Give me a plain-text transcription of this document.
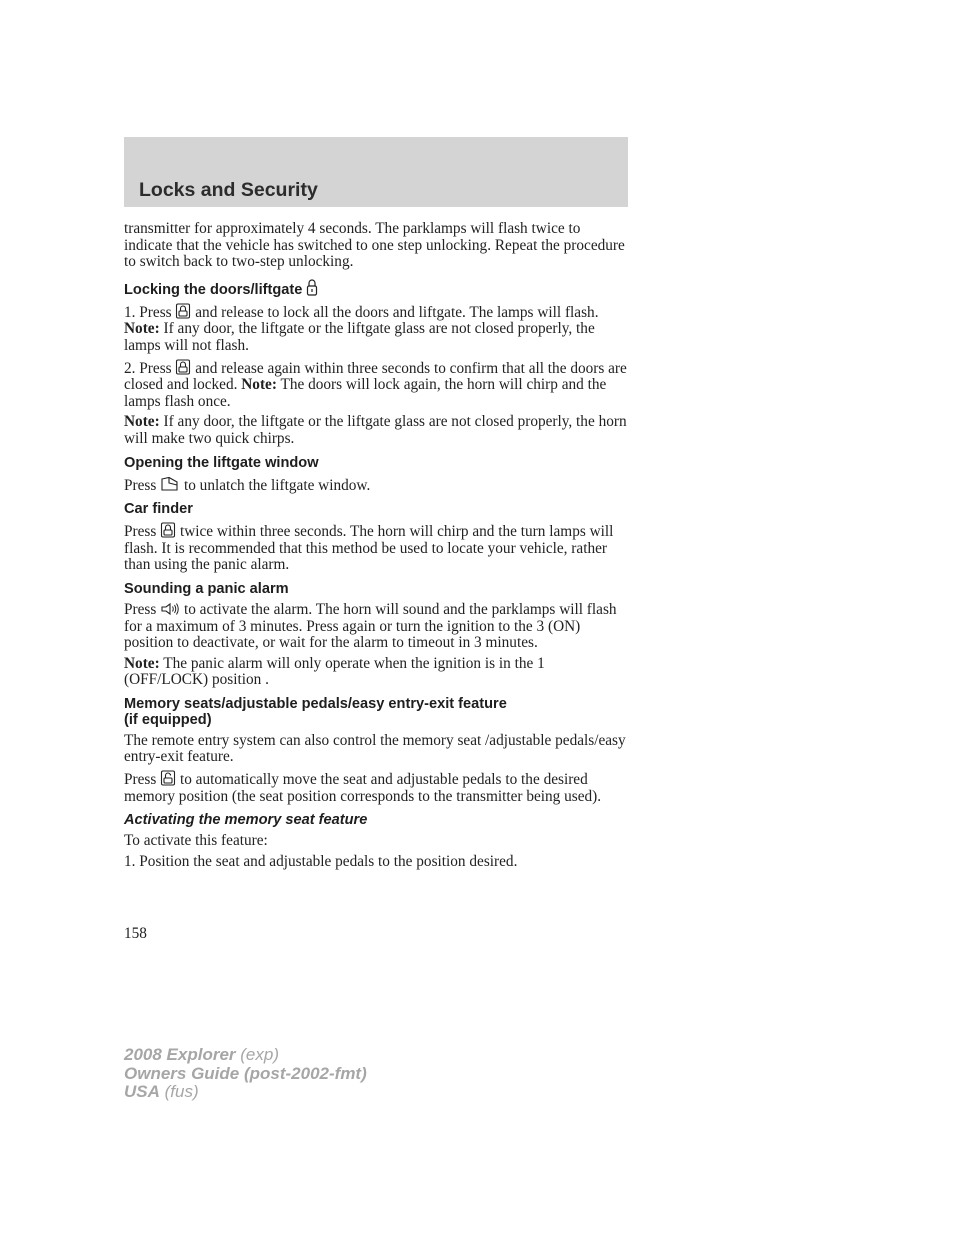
Locks and Security

transmitter for approximately 4 seconds. The parklamps will flash twice to indicate that the vehicle has switched to one step unlocking. Repeat the procedure to switch back to two-step unlocking.

Locking the doors/liftgate

1. Press and release to lock all the doors and liftgate. The lamps will flash. Note: If any door, the liftgate or the liftgate glass are not closed properly, the lamps will not flash.

2. Press and release again within three seconds to confirm that all the doors are closed and locked. Note: The doors will lock again, the horn will chirp and the lamps flash once.

Note: If any door, the liftgate or the liftgate glass are not closed properly, the horn will make two quick chirps.

Opening the liftgate window

Press to unlatch the liftgate window.

Car finder

Press twice within three seconds. The horn will chirp and the turn lamps will flash. It is recommended that this method be used to locate your vehicle, rather than using the panic alarm.

Sounding a panic alarm

Press to activate the alarm. The horn will sound and the parklamps will flash for a maximum of 3 minutes. Press again or turn the ignition to the 3 (ON) position to deactivate, or wait for the alarm to timeout in 3 minutes.

Note: The panic alarm will only operate when the ignition is in the 1 (OFF/LOCK) position .

Memory seats/adjustable pedals/easy entry-exit feature
(if equipped)

The remote entry system can also control the memory seat /adjustable pedals/easy entry-exit feature.

Press to automatically move the seat and adjustable pedals to the desired memory position (the seat position corresponds to the transmitter being used).

Activating the memory seat feature

To activate this feature:

1. Position the seat and adjustable pedals to the position desired.

158
2008 Explorer (exp)
Owners Guide (post-2002-fmt)
USA (fus)
